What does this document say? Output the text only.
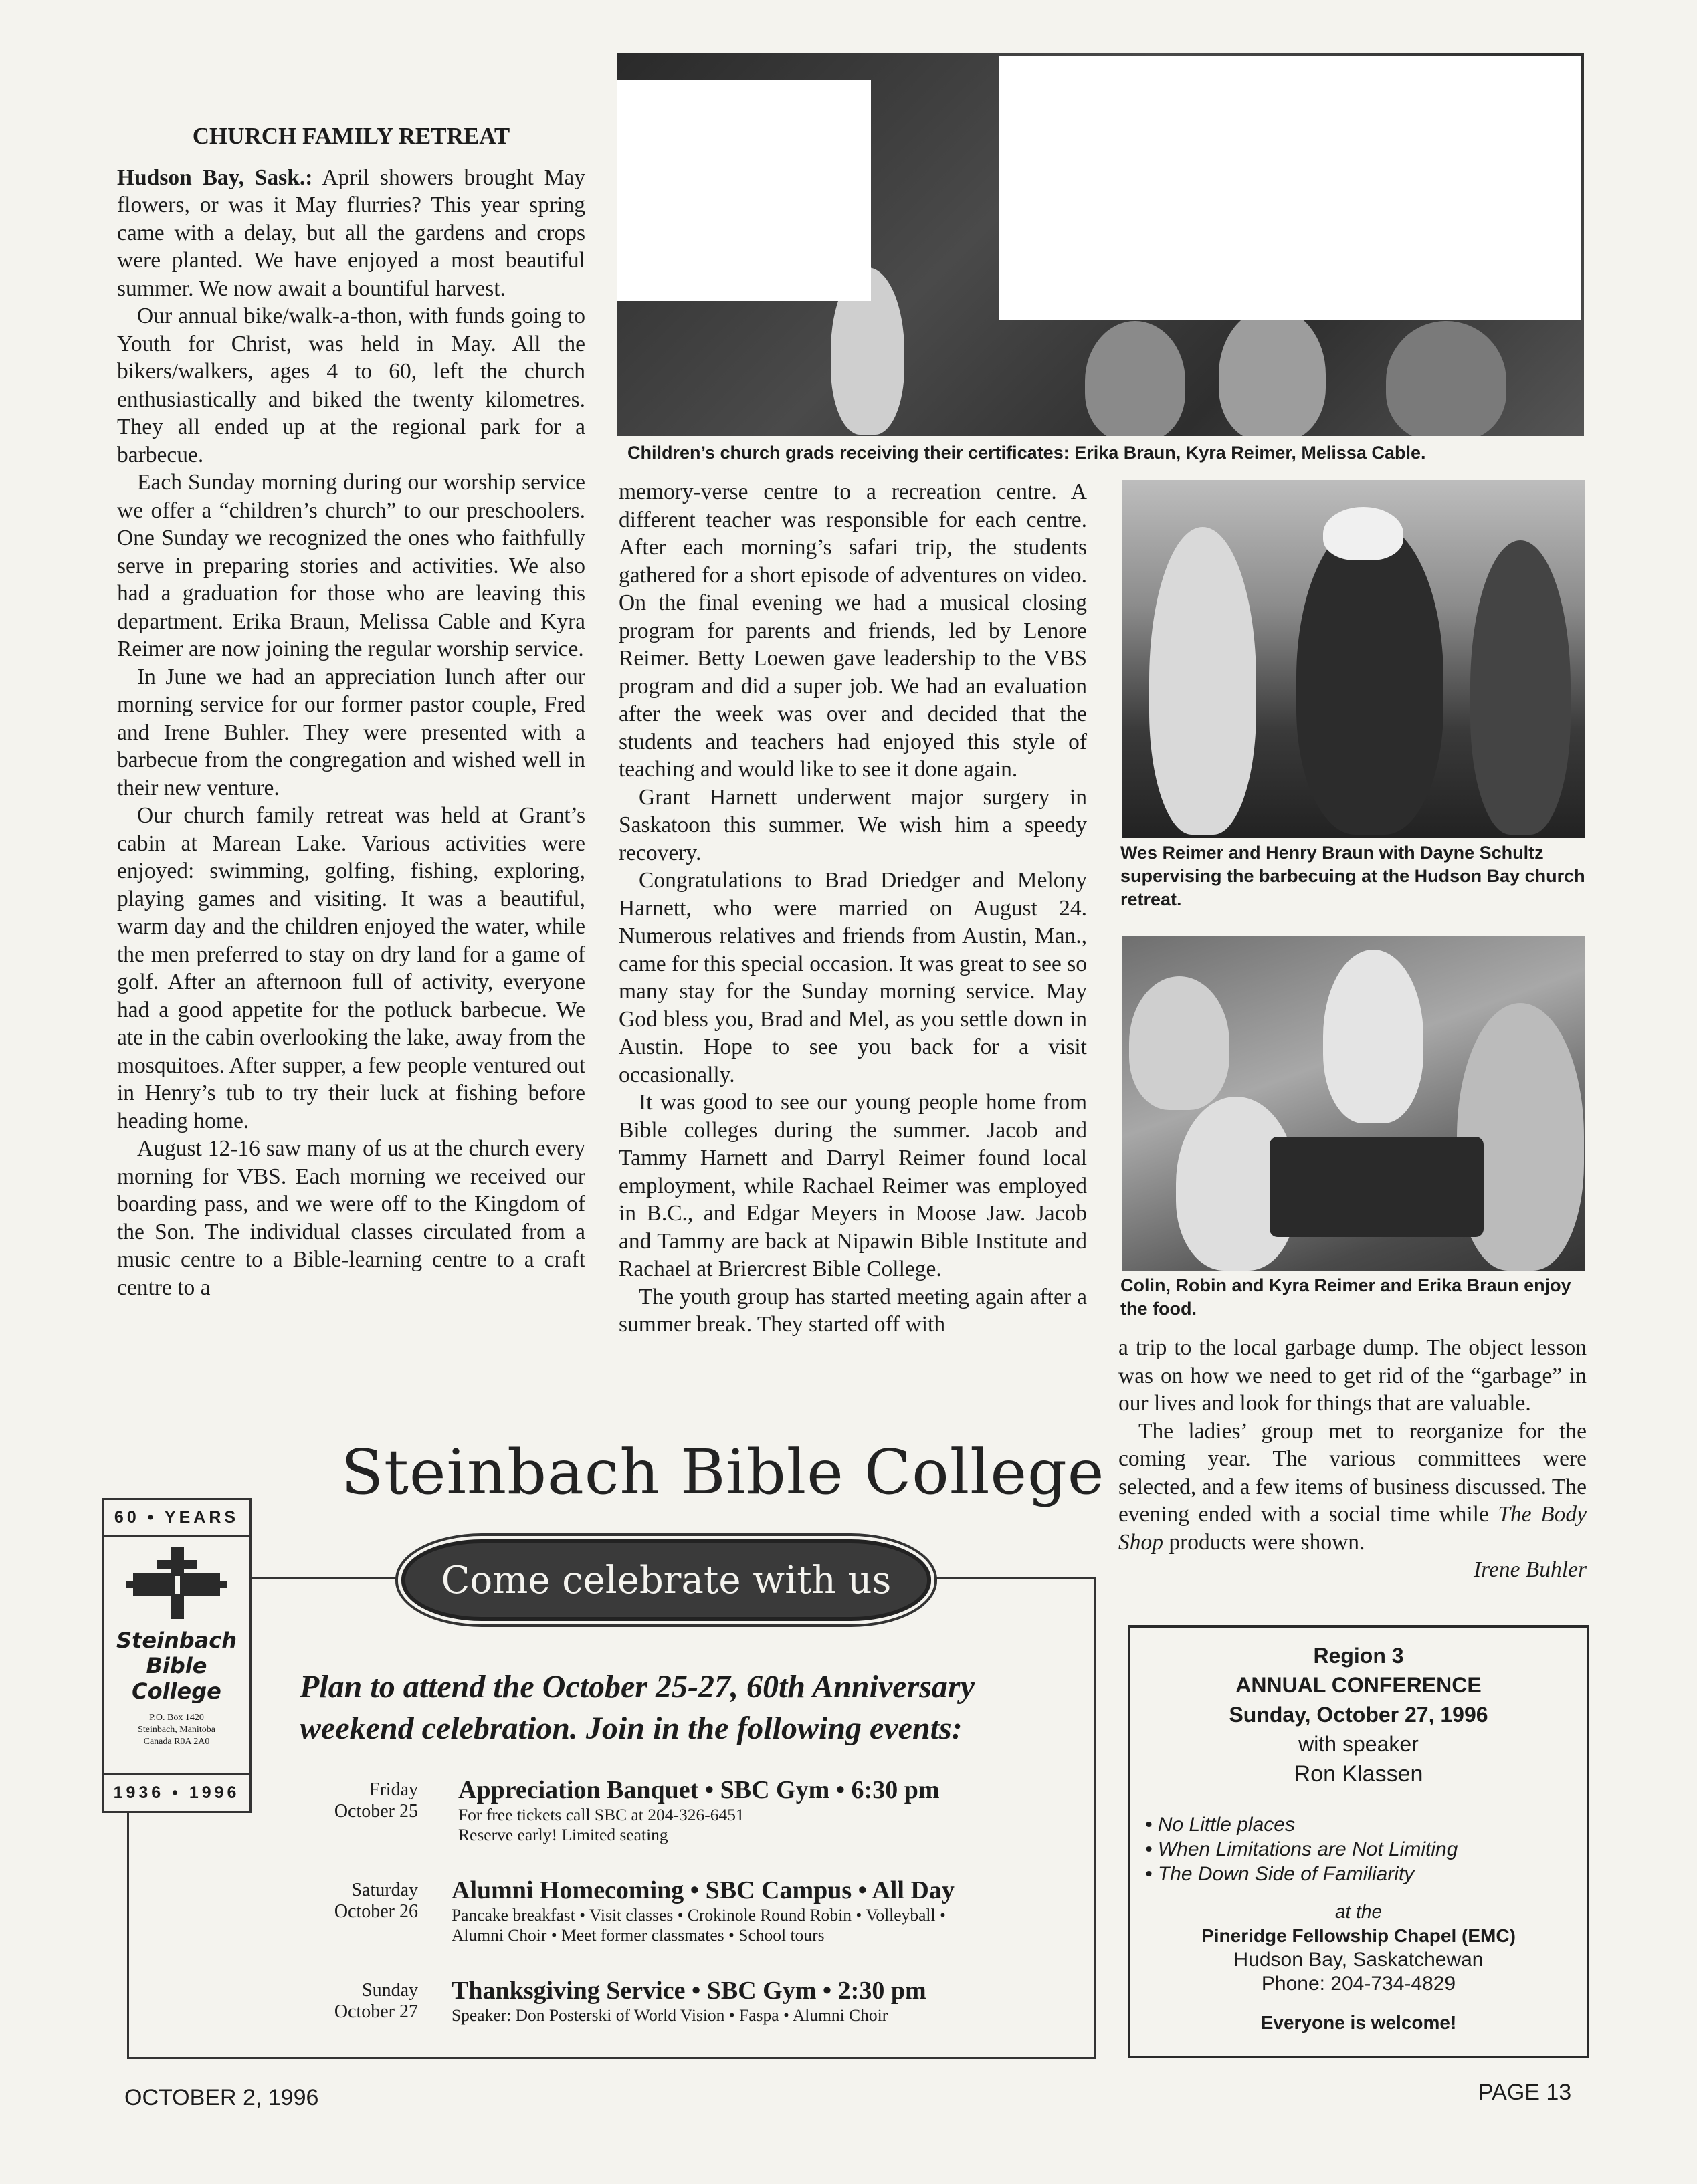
CHURCH FAMILY RETREAT

Hudson Bay, Sask.: April showers brought May flowers, or was it May flurries? This year spring came with a delay, but all the gardens and crops were planted. We have enjoyed a most beautiful summer. We now await a bountiful harvest.

Our annual bike/walk-a-thon, with funds going to Youth for Christ, was held in May. All the bikers/walkers, ages 4 to 60, left the church enthusiastically and biked the twenty kilometres. They all ended up at the regional park for a barbecue.

Each Sunday morning during our worship service we offer a “children’s church” to our preschoolers. One Sunday we recognized the ones who faithfully serve in preparing stories and activities. We also had a graduation for those who are leaving this department. Erika Braun, Melissa Cable and Kyra Reimer are now joining the regular worship service.

In June we had an appreciation lunch after our morning service for our former pastor couple, Fred and Irene Buhler. They were presented with a barbecue from the congregation and wished well in their new venture.

Our church family retreat was held at Grant’s cabin at Marean Lake. Various activities were enjoyed: swimming, golfing, fishing, exploring, playing games and visiting. It was a beautiful, warm day and the children enjoyed the water, while the men preferred to stay on dry land for a game of golf. After an afternoon full of activity, everyone had a good appetite for the potluck barbecue. We ate in the cabin overlooking the lake, away from the mosquitoes. After supper, a few people ventured out in Henry’s tub to try their luck at fishing before heading home.

August 12-16 saw many of us at the church every morning for VBS. Each morning we received our boarding pass, and we were off to the Kingdom of the Son. The individual classes circulated from a music centre to a Bible-learning centre to a craft centre to a

Children’s church grads receiving their certificates: Erika Braun, Kyra Reimer, Melissa Cable.

memory-verse centre to a recreation centre. A different teacher was responsible for each centre. After each morning’s safari trip, the students gathered for a short episode of adventures on video. On the final evening we had a musical closing program for parents and friends, led by Lenore Reimer. Betty Loewen gave leadership to the VBS program and did a super job. We had an evaluation after the week was over and decided that the students and teachers had enjoyed this style of teaching and would like to see it done again.

Grant Harnett underwent major surgery in Saskatoon this summer. We wish him a speedy recovery.

Congratulations to Brad Driedger and Melony Harnett, who were married on August 24. Numerous relatives and friends from Austin, Man., came for this special occasion. It was great to see so many stay for the Sunday morning service. May God bless you, Brad and Mel, as you settle down in Austin. Hope to see you back for a visit occasionally.

It was good to see our young people home from Bible colleges during the summer. Jacob and Tammy Harnett and Darryl Reimer found local employment, while Rachael Reimer was employed in B.C., and Edgar Meyers in Moose Jaw. Jacob and Tammy are back at Nipawin Bible Institute and Rachael at Briercrest Bible College.

The youth group has started meeting again after a summer break. They started off with

Wes Reimer and Henry Braun with Dayne Schultz supervising the barbecuing at the Hudson Bay church retreat.
Colin, Robin and Kyra Reimer and Erika Braun enjoy the food.

a trip to the local garbage dump. The object lesson was on how we need to get rid of the “garbage” in our lives and look for things that are valuable.

The ladies’ group met to reorganize for the coming year. The various committees were selected, and a few items of business discussed. The evening ended with a social time while The Body Shop products were shown.

Irene Buhler

Steinbach Bible College
Come celebrate with us
60 • YEARS
Steinbach
Bible
College
P.O. Box 1420
Steinbach, Manitoba
Canada R0A 2A0
1936 • 1996
Plan to attend the October 25-27, 60th Anniversary
weekend celebration. Join in the following events:
Friday
October 25
Appreciation Banquet • SBC Gym • 6:30 pm
For free tickets call SBC at 204-326-6451
Reserve early! Limited seating
Saturday
October 26
Alumni Homecoming • SBC Campus • All Day
Pancake breakfast • Visit classes • Crokinole Round Robin • Volleyball •
Alumni Choir • Meet former classmates • School tours
Sunday
October 27
Thanksgiving Service • SBC Gym • 2:30 pm
Speaker: Don Posterski of World Vision • Faspa • Alumni Choir
Region 3
ANNUAL CONFERENCE
Sunday, October 27, 1996
with speaker
Ron Klassen
• No Little places
• When Limitations are Not Limiting
• The Down Side of Familiarity
at the
Pineridge Fellowship Chapel (EMC)
Hudson Bay, Saskatchewan
Phone: 204-734-4829
Everyone is welcome!
OCTOBER 2, 1996	PAGE 13
